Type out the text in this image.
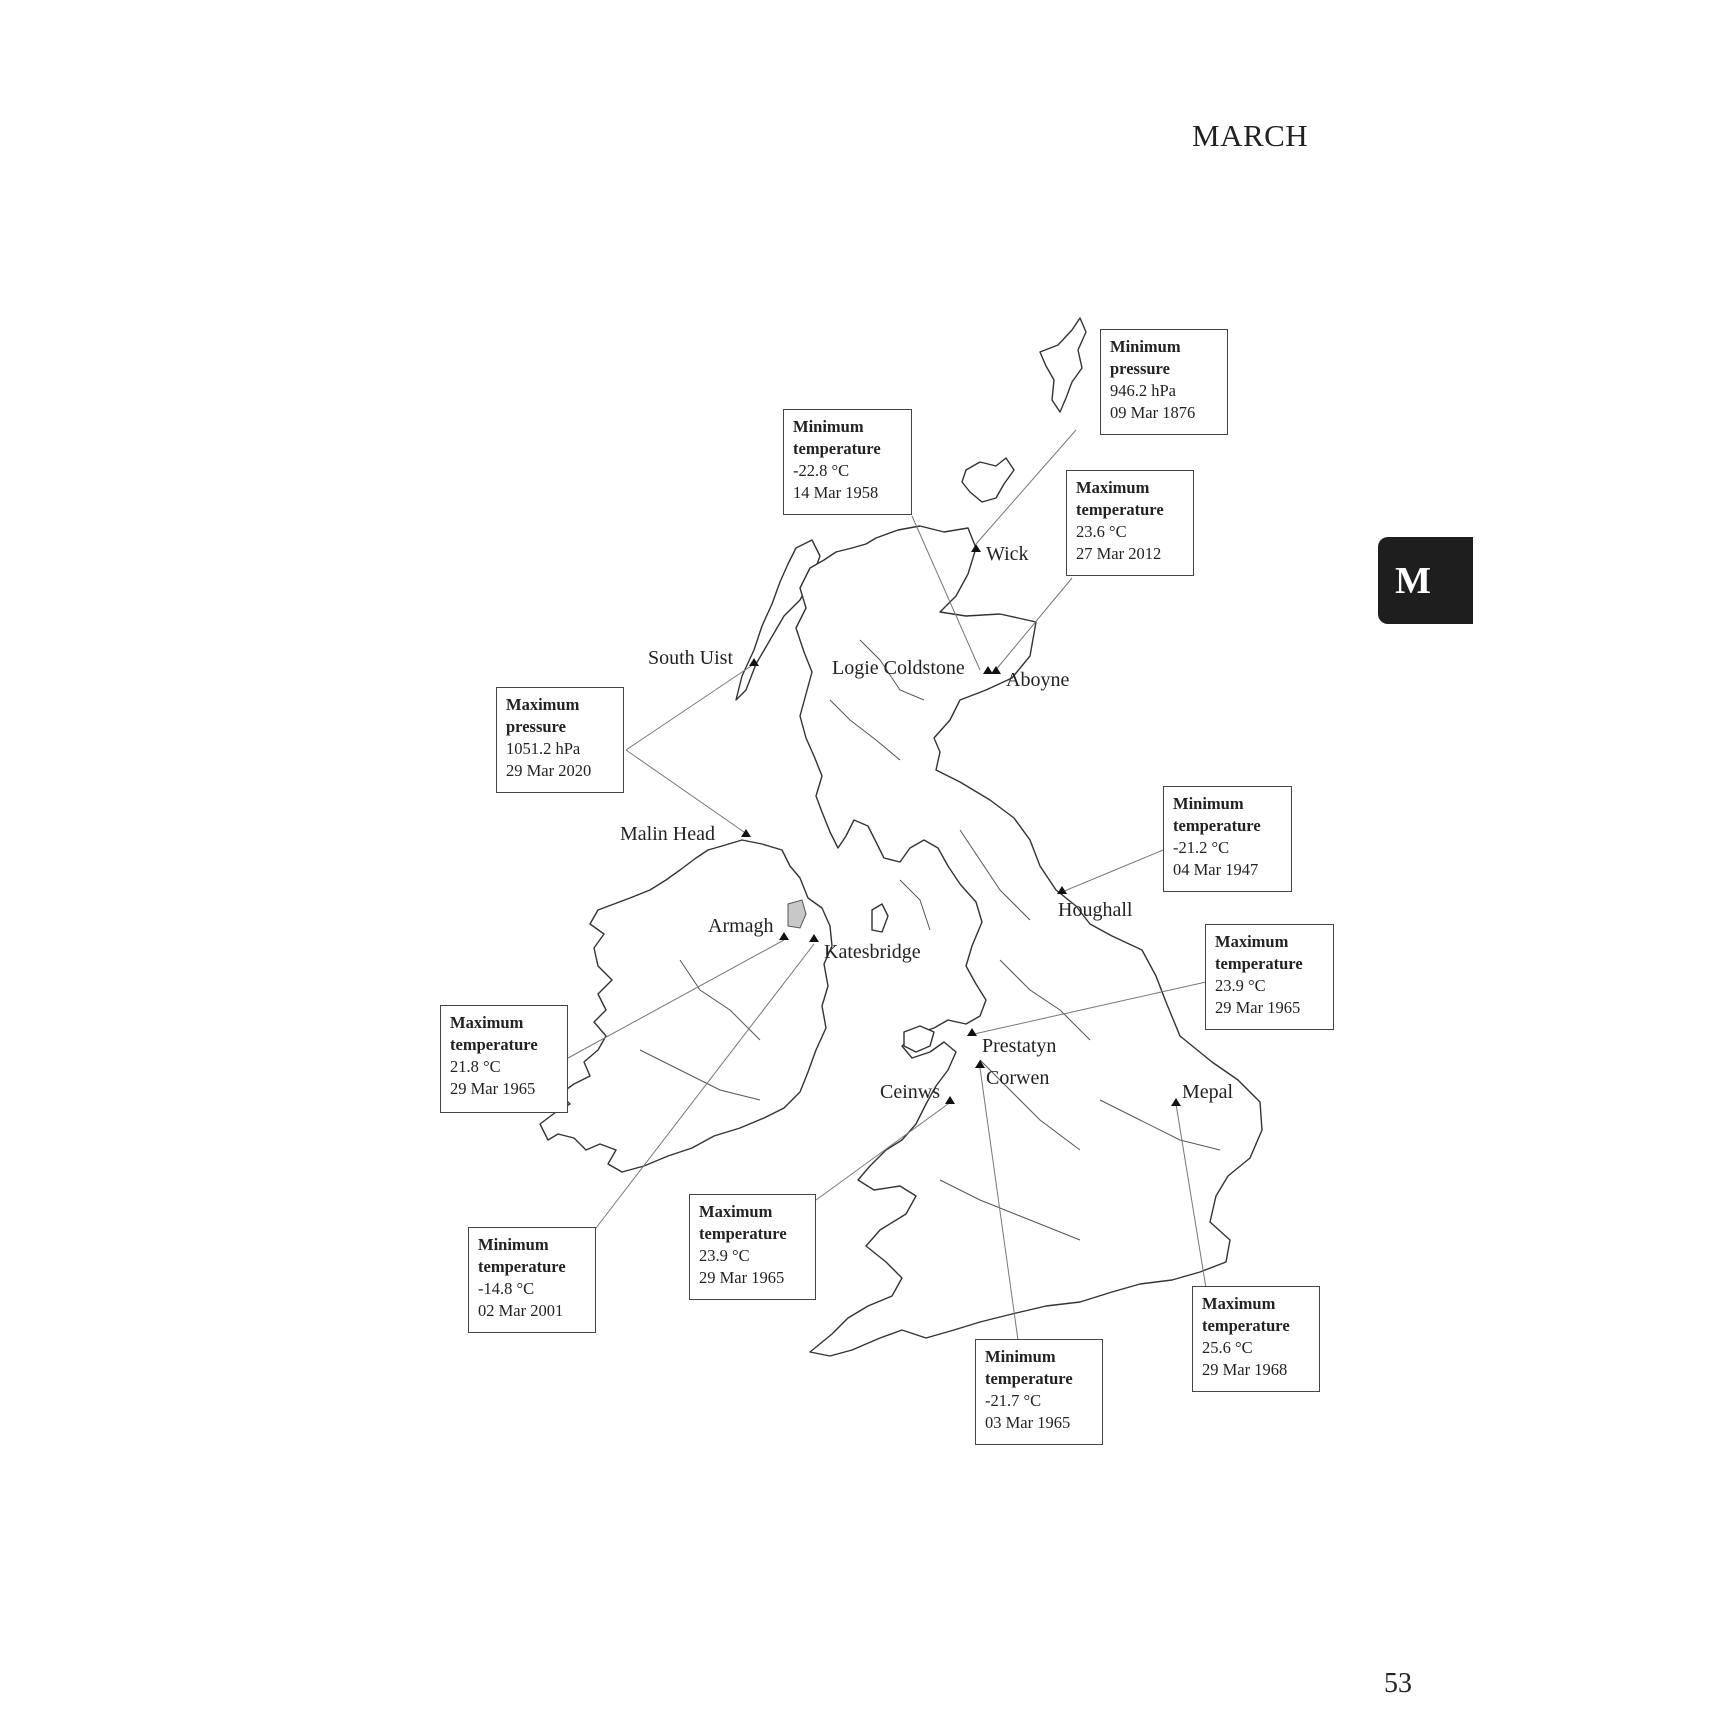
MARCH
M
53
Wick
South Uist	Logie Coldstone
Aboyne
Malin Head
Armagh
Katesbridge
Houghall
Prestatyn
Corwen
Ceinws	Mepal
Minimum
pressure
946.2 hPa
09 Mar 1876
Minimum
temperature
-22.8 °C
14 Mar 1958	Maximum
temperature
23.6 °C
27 Mar 2012
Maximum
pressure
1051.2 hPa
29 Mar 2020
Minimum
temperature
-21.2 °C
04 Mar 1947
Maximum
temperature
23.9 °C
29 Mar 1965
Maximum
temperature
21.8 °C
29 Mar 1965
Minimum
temperature
-14.8 °C
02 Mar 2001
Maximum
temperature
23.9 °C
29 Mar 1965
Minimum
temperature
-21.7 °C
03 Mar 1965
Maximum
temperature
25.6 °C
29 Mar 1968
